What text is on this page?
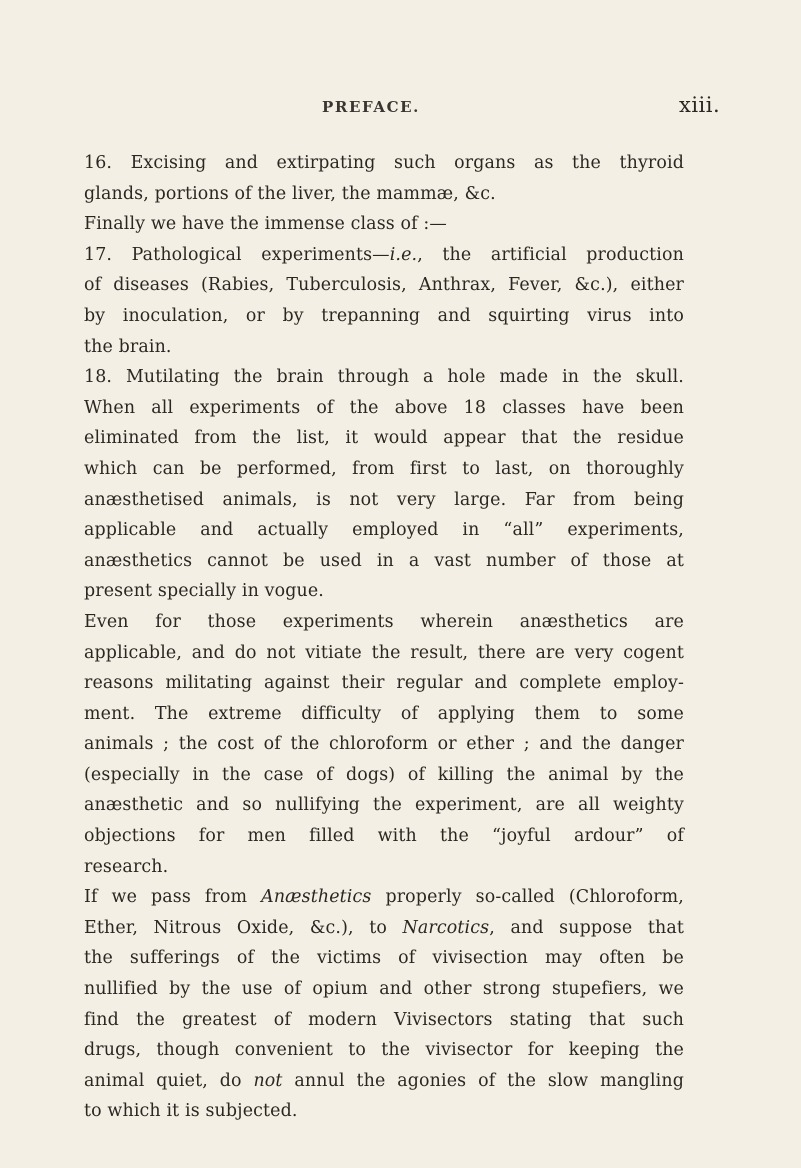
PREFACE.	xiii.
16. Excising and extirpating such organs as the thyroid
glands, portions of the liver, the mammæ, &c.
Finally we have the immense class of :—
17. Pathological experiments—i.e., the artificial production
of diseases (Rabies, Tuberculosis, Anthrax, Fever, &c.), either
by inoculation, or by trepanning and squirting virus into
the brain.
18. Mutilating the brain through a hole made in the skull.
When all experiments of the above 18 classes have been
eliminated from the list, it would appear that the residue
which can be performed, from first to last, on thoroughly
anæsthetised animals, is not very large. Far from being
applicable and actually employed in “all” experiments,
anæsthetics cannot be used in a vast number of those at
present specially in vogue.
Even for those experiments wherein anæsthetics are
applicable, and do not vitiate the result, there are very cogent
reasons militating against their regular and complete employ-
ment. The extreme difficulty of applying them to some
animals ; the cost of the chloroform or ether ; and the danger
(especially in the case of dogs) of killing the animal by the
anæsthetic and so nullifying the experiment, are all weighty
objections for men filled with the “joyful ardour” of
research.
If we pass from Anæsthetics properly so-called (Chloroform,
Ether, Nitrous Oxide, &c.), to Narcotics, and suppose that
the sufferings of the victims of vivisection may often be
nullified by the use of opium and other strong stupefiers, we
find the greatest of modern Vivisectors stating that such
drugs, though convenient to the vivisector for keeping the
animal quiet, do not annul the agonies of the slow mangling
to which it is subjected.
